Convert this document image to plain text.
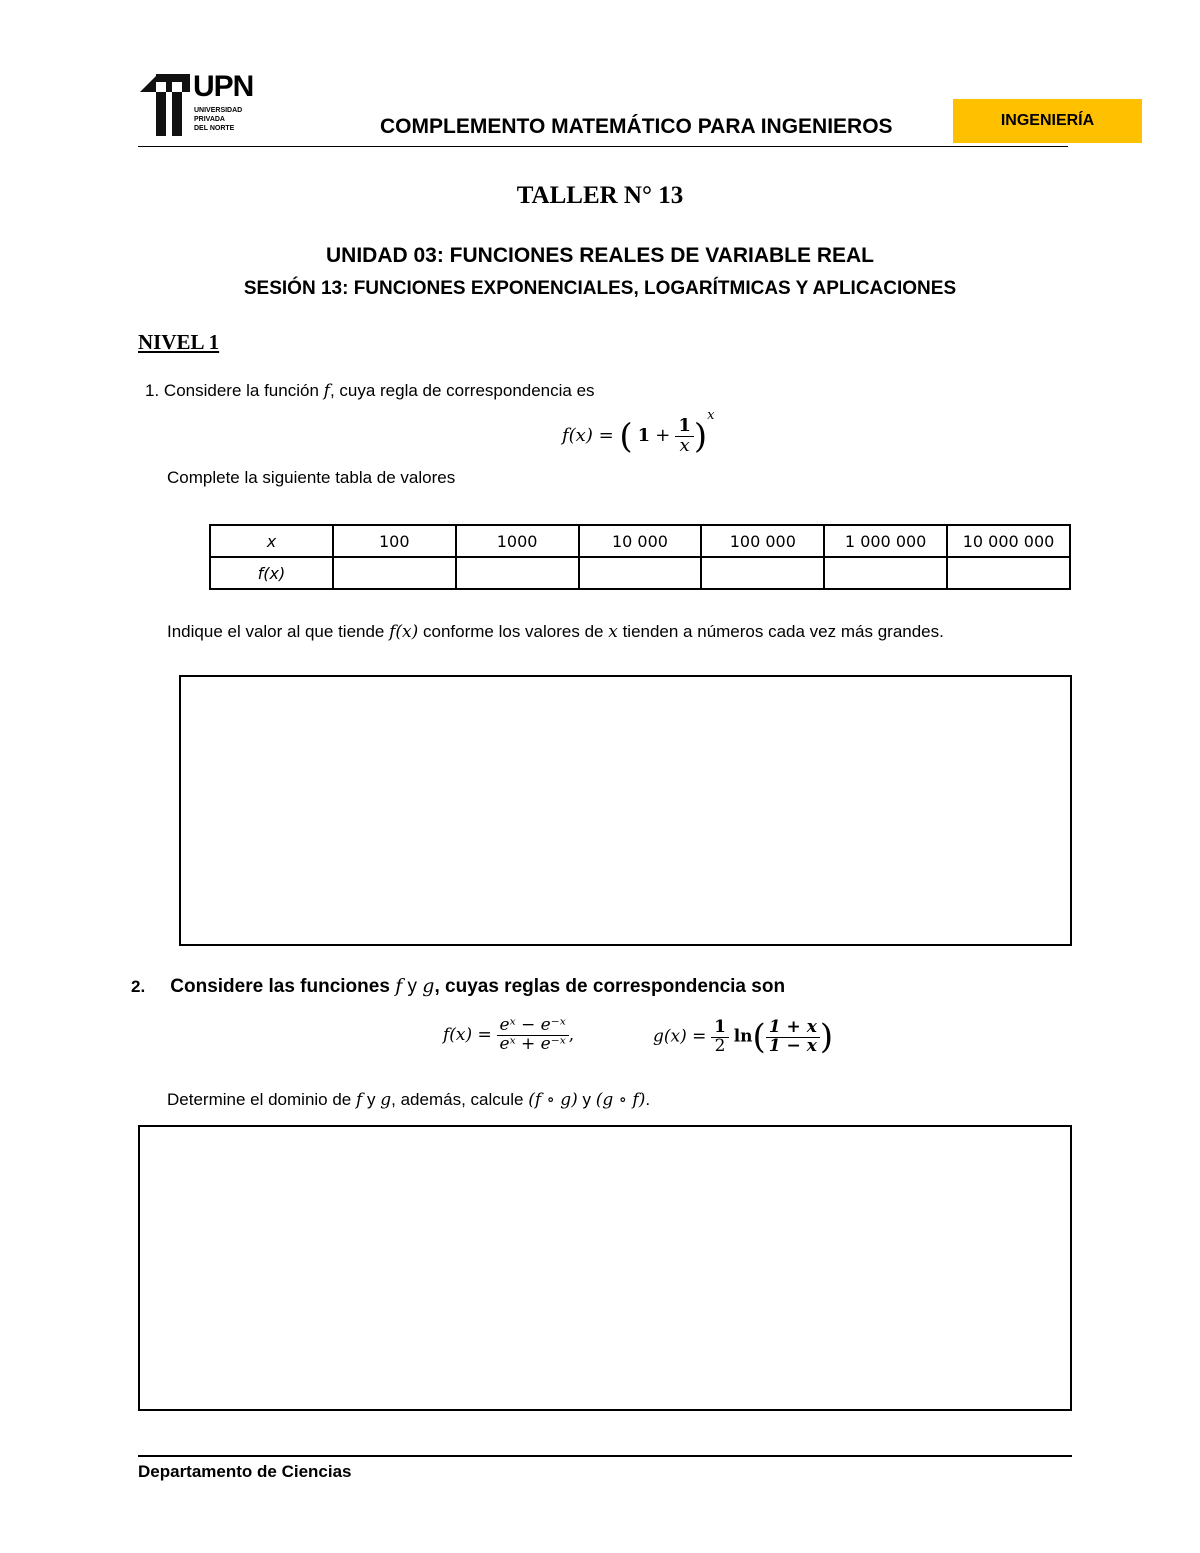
UPN
UNIVERSIDAD
PRIVADA
DEL NORTE	COMPLEMENTO MATEMÁTICO PARA INGENIEROS	INGENIERÍA
TALLER N° 13
UNIDAD 03: FUNCIONES REALES DE VARIABLE REAL
SESIÓN 13: FUNCIONES EXPONENCIALES, LOGARÍTMICAS Y APLICACIONES
NIVEL 1
1. Considere la función f, cuya regla de correspondencia es
f(x) = ( $1 + \frac{1}{x} )^x$
Complete la siguiente tabla de valores
x	100	1000	10 000	100 000	1 000 000	10 000 000
f(x)						
Indique el valor al que tiende f(x) conforme los valores de x tienden a números cada vez más grandes.
2. Considere las funciones f y g, cuyas reglas de correspondencia son
$f(x) = \frac{\text{eˣ − e⁻ˣ}}{\text{eˣ + e⁻ˣ}}$ ,	$g(x) = \frac{1}{2} \ln( \frac{1 + x}{1 - x}$ )
Determine el dominio de f y g, además, calcule (f ∘ g) y (g ∘ f).
Departamento de Ciencias
